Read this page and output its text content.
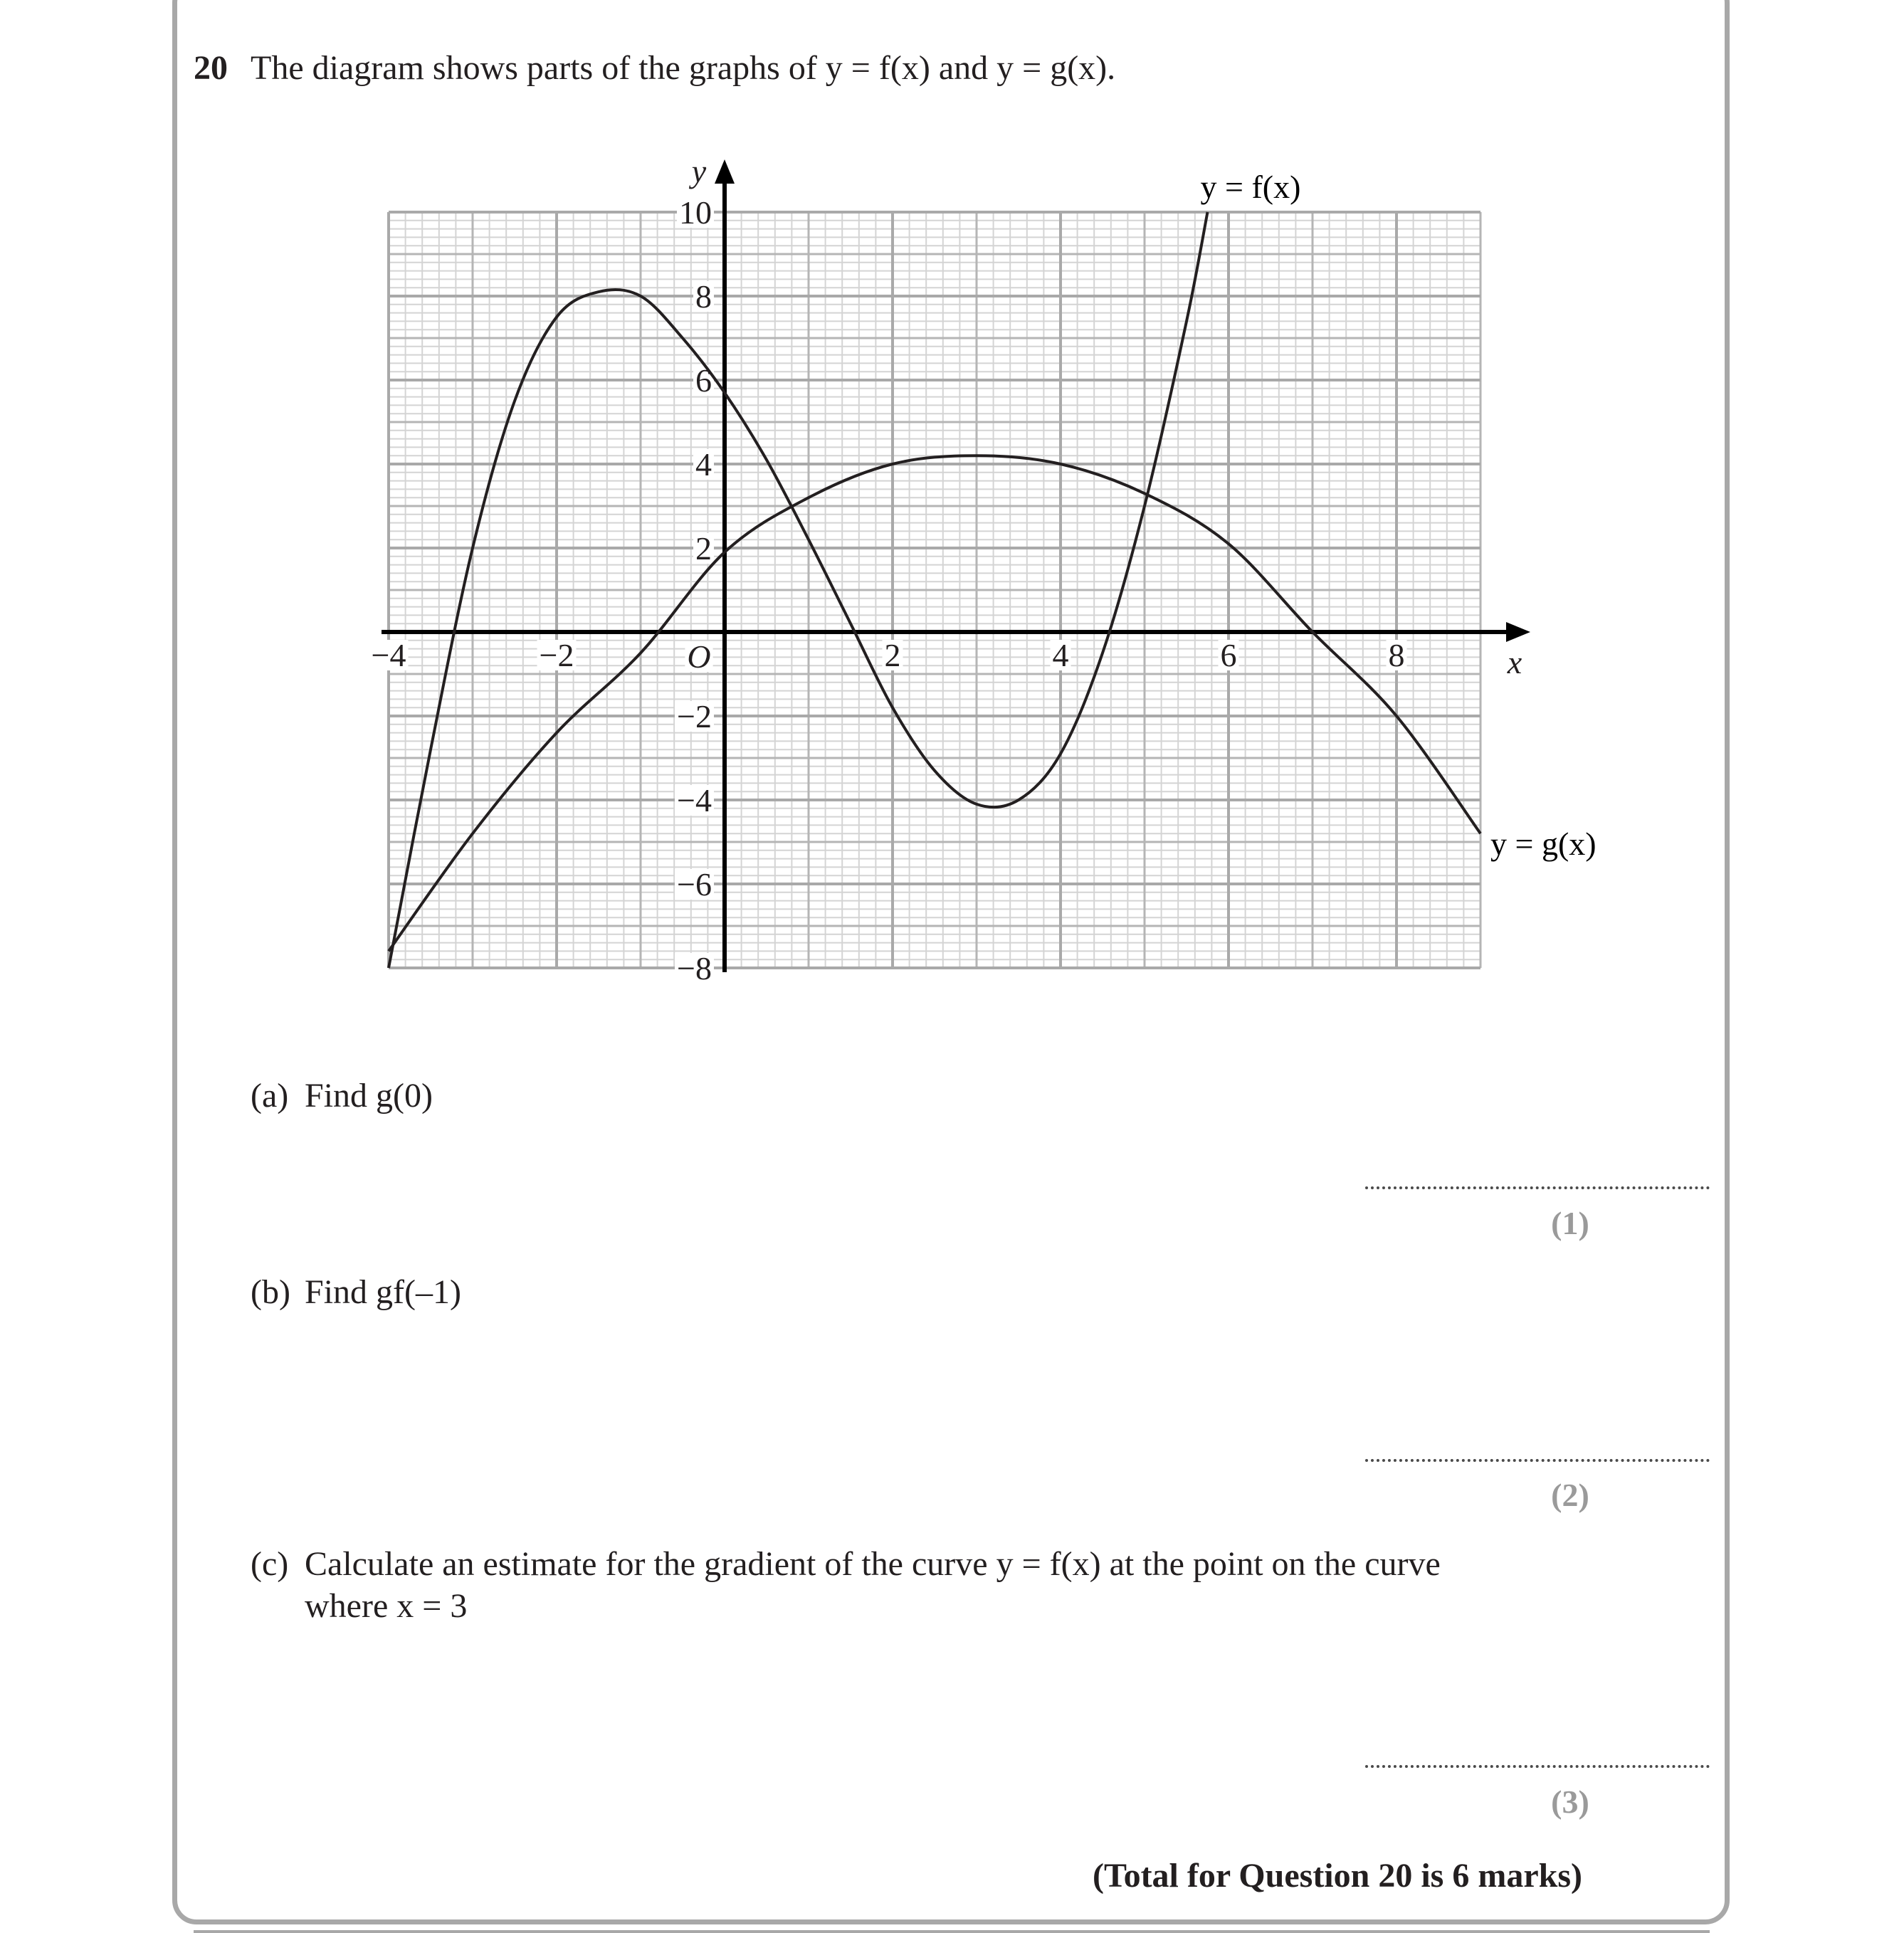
20 The diagram shows parts of the graphs of y = f(x) and y = g(x).
−4	−2	2	4	6	8
10
8
6
4
2
−2
−4
−6
−8
O	x
y	y = f(x)
y = g(x)
(a) Find g(0)
(1)
(b) Find gf(–1)
(2)
(c) Calculate an estimate for the gradient of the curve y = f(x) at the point on the curve
where x = 3
(3)
(Total for Question 20 is 6 marks)
